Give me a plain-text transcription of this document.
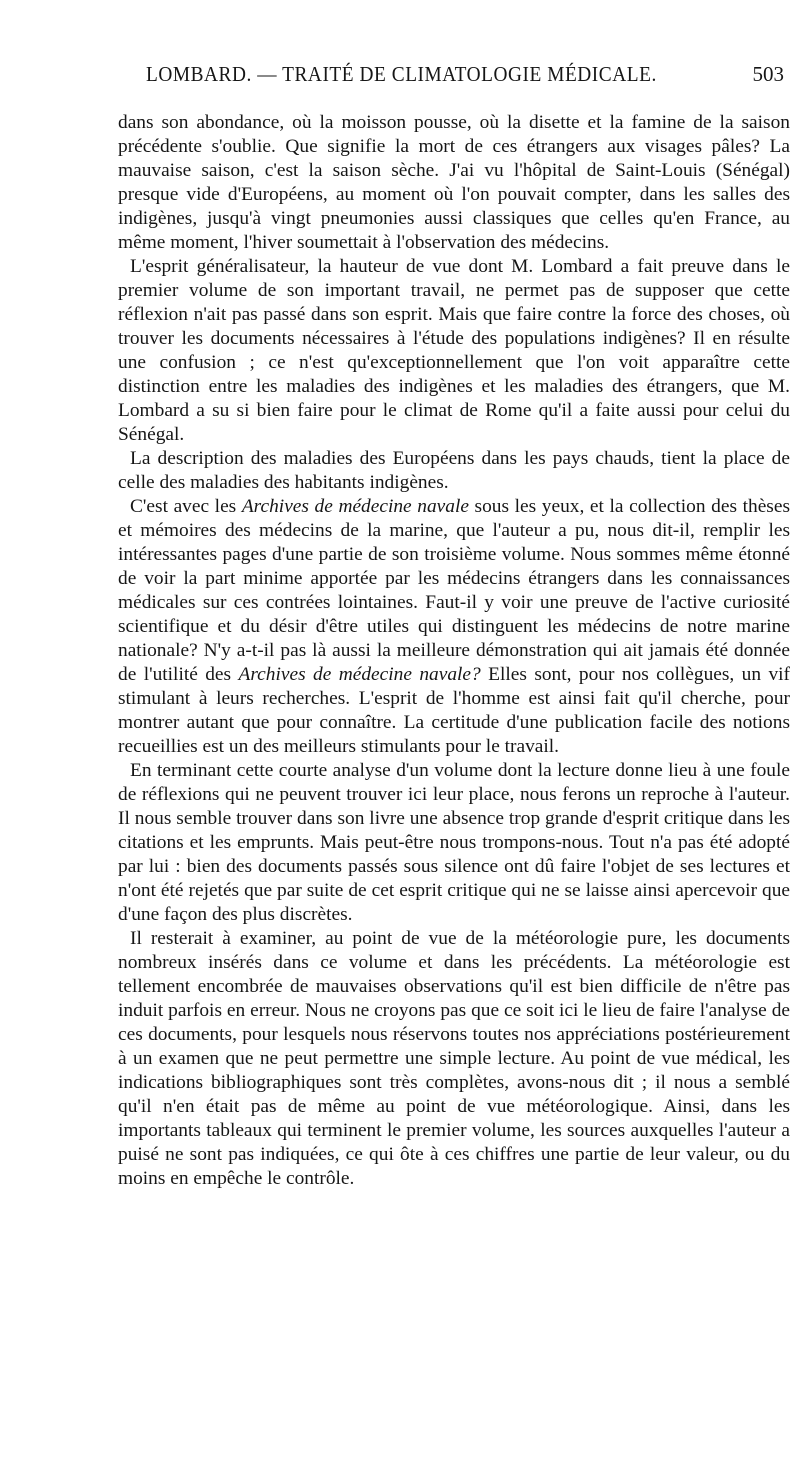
LOMBARD. — TRAITÉ DE CLIMATOLOGIE MÉDICALE.	503

dans son abondance, où la moisson pousse, où la disette et la famine de la saison précédente s'oublie. Que signifie la mort de ces étrangers aux visages pâles? La mauvaise saison, c'est la saison sèche. J'ai vu l'hôpital de Saint-Louis (Sénégal) presque vide d'Européens, au moment où l'on pouvait compter, dans les salles des indigènes, jusqu'à vingt pneumonies aussi classiques que celles qu'en France, au même moment, l'hiver soumettait à l'observation des médecins.

L'esprit généralisateur, la hauteur de vue dont M. Lombard a fait preuve dans le premier volume de son important travail, ne permet pas de supposer que cette réflexion n'ait pas passé dans son esprit. Mais que faire contre la force des choses, où trouver les documents nécessaires à l'étude des populations indigènes? Il en résulte une confusion ; ce n'est qu'exceptionnellement que l'on voit apparaître cette distinction entre les maladies des indigènes et les maladies des étrangers, que M. Lombard a su si bien faire pour le climat de Rome qu'il a faite aussi pour celui du Sénégal.

La description des maladies des Européens dans les pays chauds, tient la place de celle des maladies des habitants indigènes.

C'est avec les Archives de médecine navale sous les yeux, et la collection des thèses et mémoires des médecins de la marine, que l'auteur a pu, nous dit-il, remplir les intéressantes pages d'une partie de son troisième volume. Nous sommes même étonné de voir la part minime apportée par les médecins étrangers dans les connaissances médicales sur ces contrées lointaines. Faut-il y voir une preuve de l'active curiosité scientifique et du désir d'être utiles qui distinguent les médecins de notre marine nationale? N'y a-t-il pas là aussi la meilleure démonstration qui ait jamais été donnée de l'utilité des Archives de médecine navale? Elles sont, pour nos collègues, un vif stimulant à leurs recherches. L'esprit de l'homme est ainsi fait qu'il cherche, pour montrer autant que pour connaître. La certitude d'une publication facile des notions recueillies est un des meilleurs stimulants pour le travail.

En terminant cette courte analyse d'un volume dont la lecture donne lieu à une foule de réflexions qui ne peuvent trouver ici leur place, nous ferons un reproche à l'auteur. Il nous semble trouver dans son livre une absence trop grande d'esprit critique dans les citations et les emprunts. Mais peut-être nous trompons-nous. Tout n'a pas été adopté par lui : bien des documents passés sous silence ont dû faire l'objet de ses lectures et n'ont été rejetés que par suite de cet esprit critique qui ne se laisse ainsi apercevoir que d'une façon des plus discrètes.

Il resterait à examiner, au point de vue de la météorologie pure, les documents nombreux insérés dans ce volume et dans les précédents. La météorologie est tellement encombrée de mauvaises observations qu'il est bien difficile de n'être pas induit parfois en erreur. Nous ne croyons pas que ce soit ici le lieu de faire l'analyse de ces documents, pour lesquels nous réservons toutes nos appréciations postérieurement à un examen que ne peut permettre une simple lecture. Au point de vue médical, les indications bibliographiques sont très complètes, avons-nous dit ; il nous a semblé qu'il n'en était pas de même au point de vue météorologique. Ainsi, dans les importants tableaux qui terminent le premier volume, les sources auxquelles l'auteur a puisé ne sont pas indiquées, ce qui ôte à ces chiffres une partie de leur valeur, ou du moins en empêche le contrôle.
